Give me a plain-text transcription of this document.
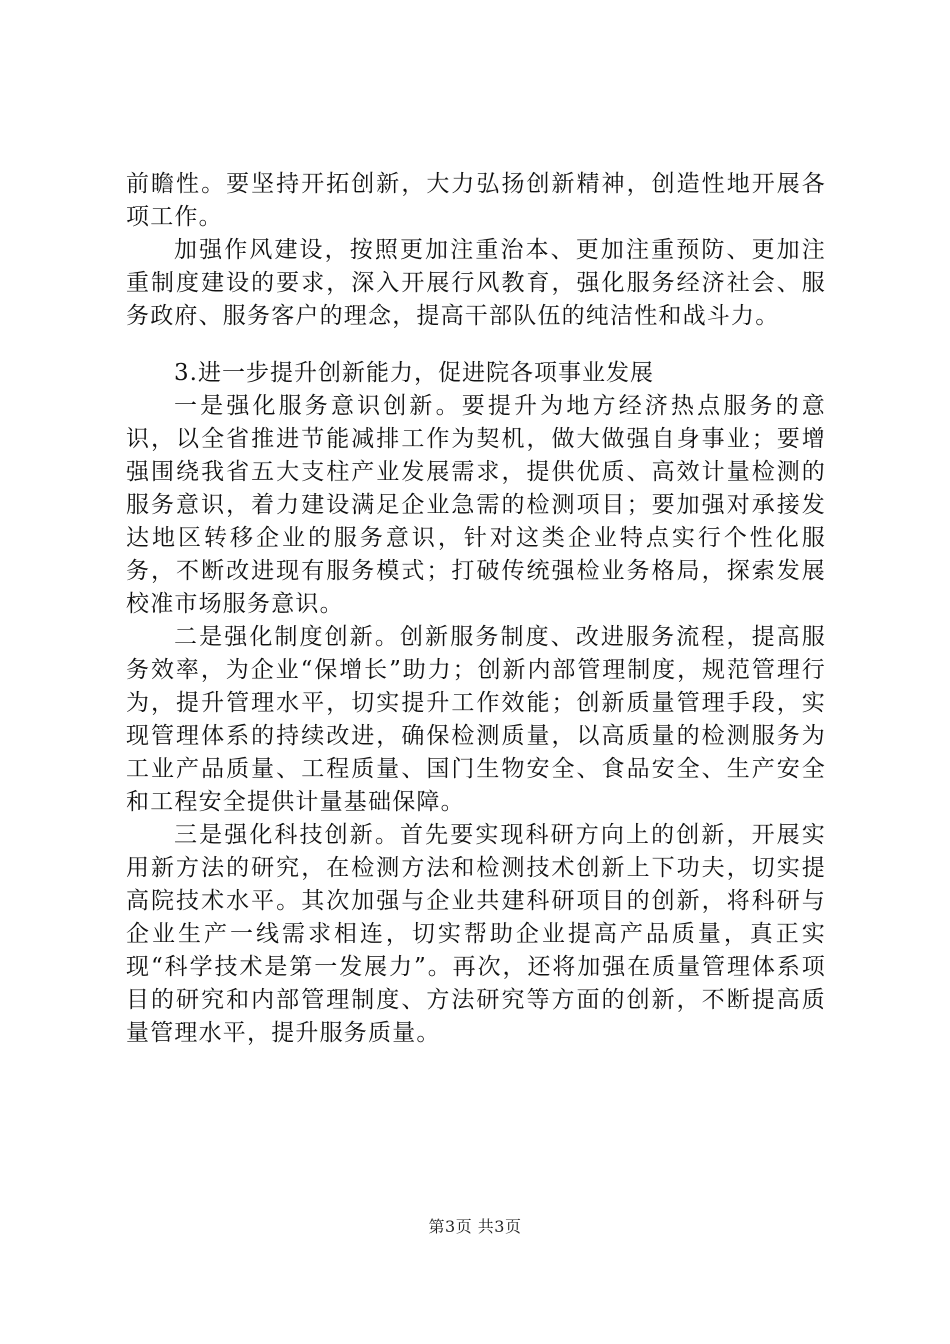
前瞻性。要坚持开拓创新，大力弘扬创新精神，创造性地开展各项工作。

加强作风建设，按照更加注重治本、更加注重预防、更加注重制度建设的要求，深入开展行风教育，强化服务经济社会、服务政府、服务客户的理念，提高干部队伍的纯洁性和战斗力。

3.进一步提升创新能力，促进院各项事业发展

一是强化服务意识创新。要提升为地方经济热点服务的意识，以全省推进节能减排工作为契机，做大做强自身事业；要增强围绕我省五大支柱产业发展需求，提供优质、高效计量检测的服务意识，着力建设满足企业急需的检测项目；要加强对承接发达地区转移企业的服务意识，针对这类企业特点实行个性化服务，不断改进现有服务模式；打破传统强检业务格局，探索发展校准市场服务意识。

二是强化制度创新。创新服务制度、改进服务流程，提高服务效率，为企业“保增长”助力；创新内部管理制度，规范管理行为，提升管理水平，切实提升工作效能；创新质量管理手段，实现管理体系的持续改进，确保检测质量，以高质量的检测服务为工业产品质量、工程质量、国门生物安全、食品安全、生产安全和工程安全提供计量基础保障。

三是强化科技创新。首先要实现科研方向上的创新，开展实用新方法的研究，在检测方法和检测技术创新上下功夫，切实提高院技术水平。其次加强与企业共建科研项目的创新，将科研与企业生产一线需求相连，切实帮助企业提高产品质量，真正实现“科学技术是第一发展力”。再次，还将加强在质量管理体系项目的研究和内部管理制度、方法研究等方面的创新，不断提高质量管理水平，提升服务质量。

第3页 共3页
